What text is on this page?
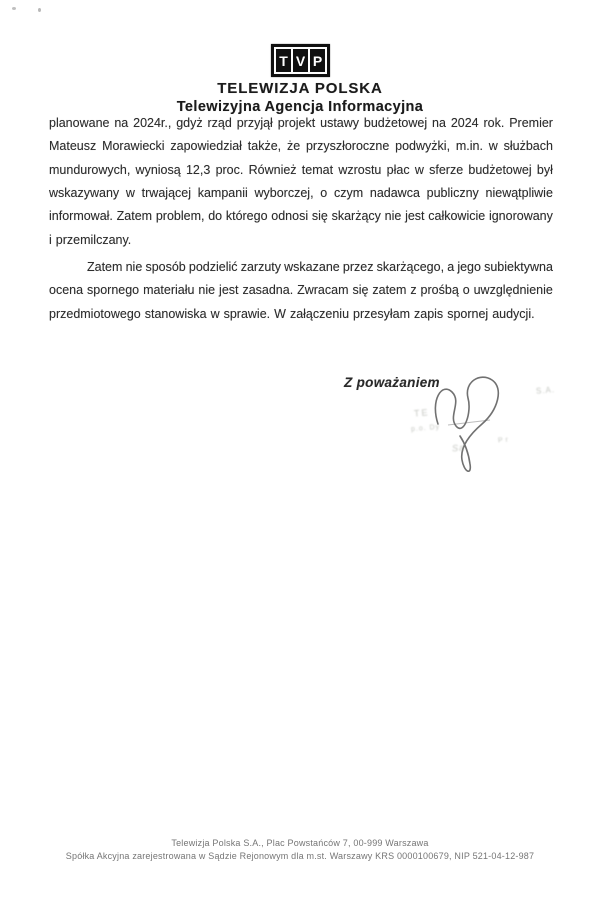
T V P
TELEWIZJA POLSKA
Telewizyjna Agencja Informacyjna
planowane na 2024r., gdyż rząd przyjął projekt ustawy budżetowej na 2024 rok. Premier
Mateusz Morawiecki zapowiedział także, że przyszłoroczne podwyżki, m.in. w służbach
mundurowych, wyniosą 12,3 proc. Również temat wzrostu płac w sferze budżetowej był
wskazywany w trwającej kampanii wyborczej, o czym nadawca publiczny niewątpliwie
informował. Zatem problem, do którego odnosi się skarżący nie jest całkowicie ignorowany
i przemilczany.
Zatem nie sposób podzielić zarzuty wskazane przez skarżącego, a jego subiektywna
ocena spornego materiału nie jest zasadna. Zwracam się zatem z prośbą o uwzględnienie
przedmiotowego stanowiska w sprawie. W załączeniu przesyłam zapis spornej audycji.
Z poważaniem
S.A.
TE
p.o. Dy
Sa
Pr
Telewizja Polska S.A., Plac Powstańców 7, 00-999 Warszawa
Spółka Akcyjna zarejestrowana w Sądzie Rejonowym dla m.st. Warszawy KRS 0000100679, NIP 521-04-12-987
